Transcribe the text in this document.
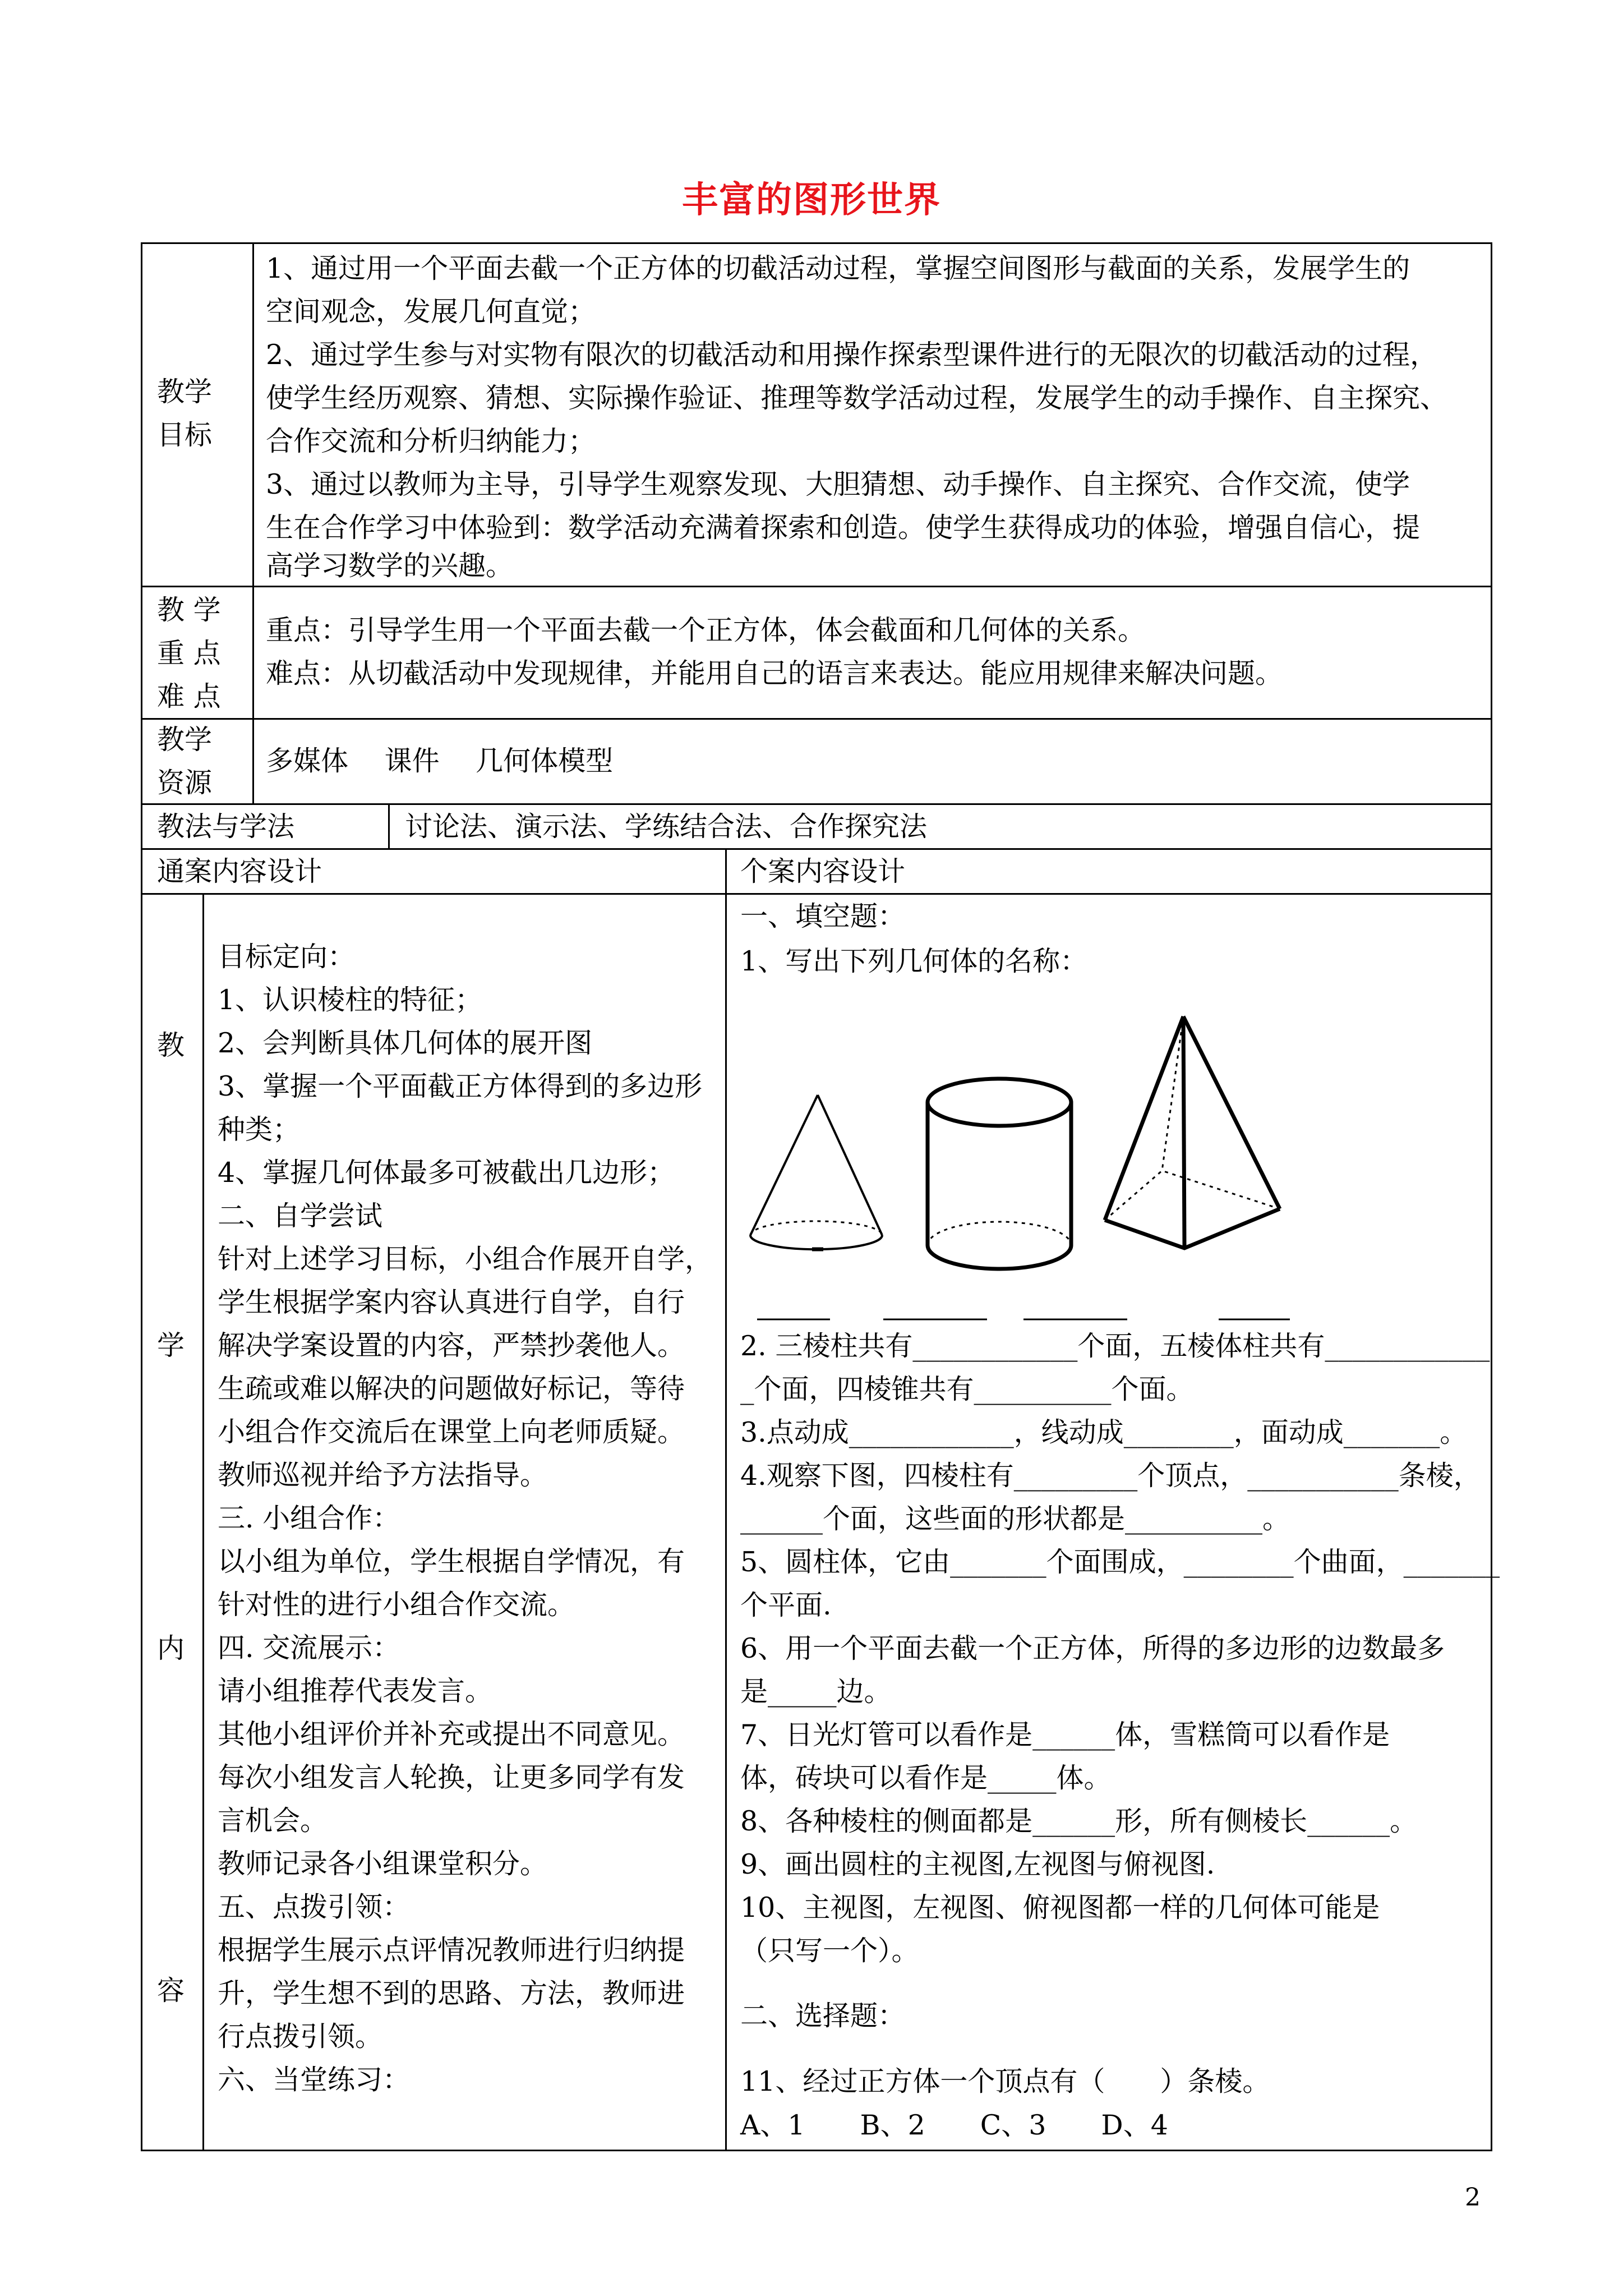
丰富的图形世界
教学
目标
教 学
重 点
难 点
教学
资源
教法与学法	讨论法、演示法、学练结合法、合作探究法
通案内容设计	个案内容设计
教
学
内
容
1、通过用一个平面去截一个正方体的切截活动过程，掌握空间图形与截面的关系，发展学生的
空间观念，发展几何直觉；
2、通过学生参与对实物有限次的切截活动和用操作探索型课件进行的无限次的切截活动的过程，
使学生经历观察、猜想、实际操作验证、推理等数学活动过程，发展学生的动手操作、自主探究、
合作交流和分析归纳能力；
3、通过以教师为主导，引导学生观察发现、大胆猜想、动手操作、自主探究、合作交流，使学
生在合作学习中体验到：数学活动充满着探索和创造。使学生获得成功的体验，增强自信心，提
高学习数学的兴趣。
重点：引导学生用一个平面去截一个正方体，体会截面和几何体的关系。
难点：从切截活动中发现规律，并能用自己的语言来表达。能应用规律来解决问题。
多媒体　 课件　 几何体模型
目标定向：
1、认识棱柱的特征；
2、会判断具体几何体的展开图
3、掌握一个平面截正方体得到的多边形
种类；
4、掌握几何体最多可被截出几边形；
二、自学尝试
针对上述学习目标，小组合作展开自学，
学生根据学案内容认真进行自学，自行
解决学案设置的内容，严禁抄袭他人。
生疏或难以解决的问题做好标记，等待
小组合作交流后在课堂上向老师质疑。
教师巡视并给予方法指导。
三. 小组合作：
以小组为单位，学生根据自学情况，有
针对性的进行小组合作交流。
四. 交流展示：
请小组推荐代表发言。
其他小组评价并补充或提出不同意见。
每次小组发言人轮换，让更多同学有发
言机会。
教师记录各小组课堂积分。
五、点拨引领：
根据学生展示点评情况教师进行归纳提
升，学生想不到的思路、方法，教师进
行点拨引领。
六、当堂练习：
一、填空题：
1、写出下列几何体的名称：
2. 三棱柱共有____________个面，五棱体柱共有____________
_个面，四棱锥共有__________个面。
3.点动成____________，线动成________，面动成_______。
4.观察下图，四棱柱有_________个顶点，___________条棱，
______个面，这些面的形状都是__________。
5、圆柱体，它由_______个面围成，________个曲面，_______
个平面.
6、用一个平面去截一个正方体，所得的多边形的边数最多
是_____边。
7、日光灯管可以看作是______体，雪糕筒可以看作是
体，砖块可以看作是_____体。
8、各种棱柱的侧面都是______形，所有侧棱长______。
9、画出圆柱的主视图,左视图与俯视图.
10、主视图，左视图、俯视图都一样的几何体可能是
（只写一个）。
二、选择题：
11、经过正方体一个顶点有（　　）条棱。
A、1　　B、2　　C、3　　D、4
2
